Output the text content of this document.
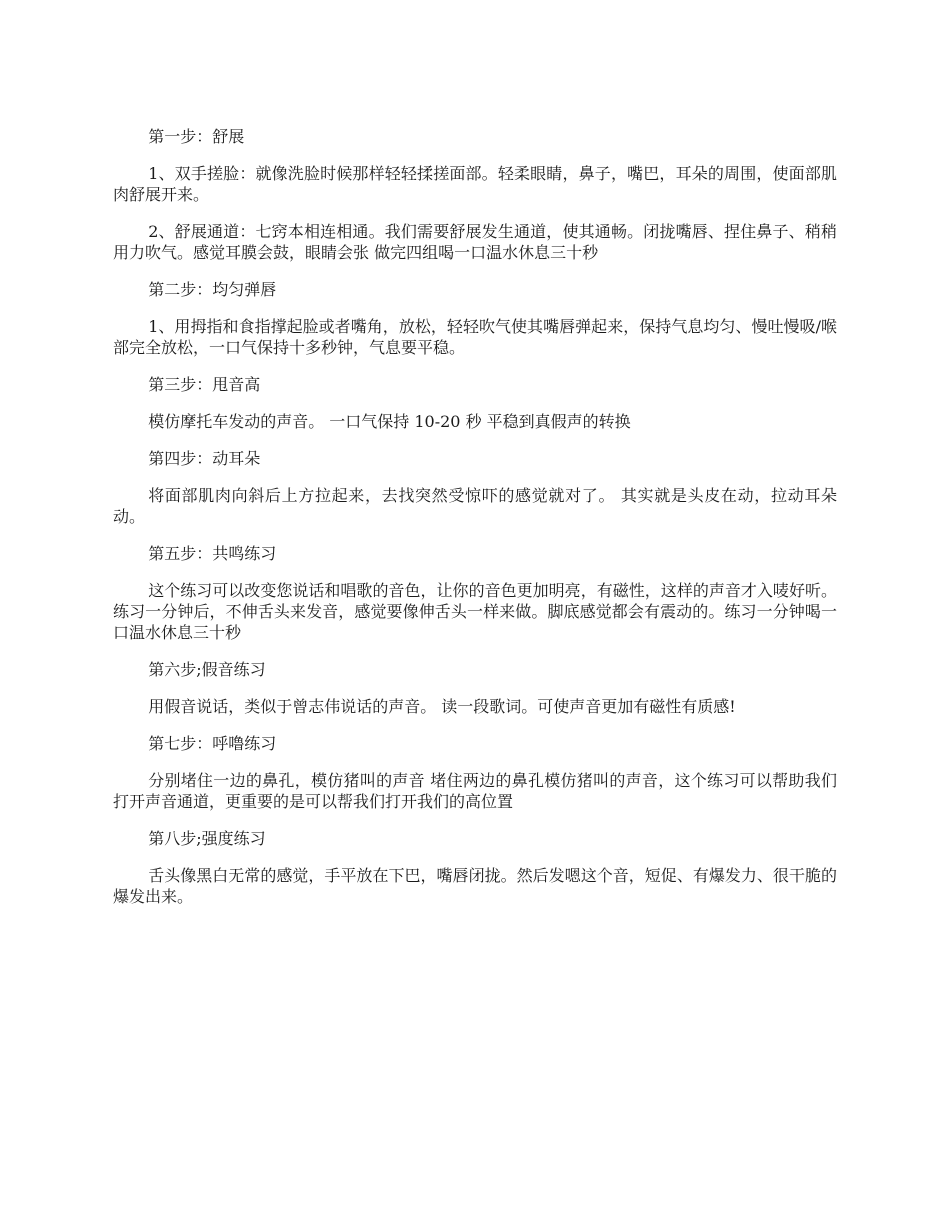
第一步：舒展

1、双手搓脸：就像洗脸时候那样轻轻揉搓面部。轻柔眼睛，鼻子，嘴巴，耳朵的周围，使面部肌肉舒展开来。

2、舒展通道：七窍本相连相通。我们需要舒展发生通道，使其通畅。闭拢嘴唇、捏住鼻子、稍稍用力吹气。感觉耳膜会鼓，眼睛会张 做完四组喝一口温水休息三十秒

第二步：均匀弹唇

1、用拇指和食指撑起脸或者嘴角，放松，轻轻吹气使其嘴唇弹起来，保持气息均匀、慢吐慢吸/喉部完全放松，一口气保持十多秒钟，气息要平稳。

第三步：甩音高

模仿摩托车发动的声音。 一口气保持 10-20 秒 平稳到真假声的转换

第四步：动耳朵

将面部肌肉向斜后上方拉起来，去找突然受惊吓的感觉就对了。 其实就是头皮在动，拉动耳朵动。

第五步：共鸣练习

这个练习可以改变您说话和唱歌的音色，让你的音色更加明亮，有磁性，这样的声音才入唛好听。练习一分钟后，不伸舌头来发音，感觉要像伸舌头一样来做。脚底感觉都会有震动的。练习一分钟喝一口温水休息三十秒

第六步;假音练习

用假音说话，类似于曾志伟说话的声音。 读一段歌词。可使声音更加有磁性有质感!

第七步：呼噜练习

分别堵住一边的鼻孔，模仿猪叫的声音 堵住两边的鼻孔模仿猪叫的声音，这个练习可以帮助我们打开声音通道，更重要的是可以帮我们打开我们的高位置

第八步;强度练习

舌头像黑白无常的感觉，手平放在下巴，嘴唇闭拢。然后发嗯这个音，短促、有爆发力、很干脆的爆发出来。
